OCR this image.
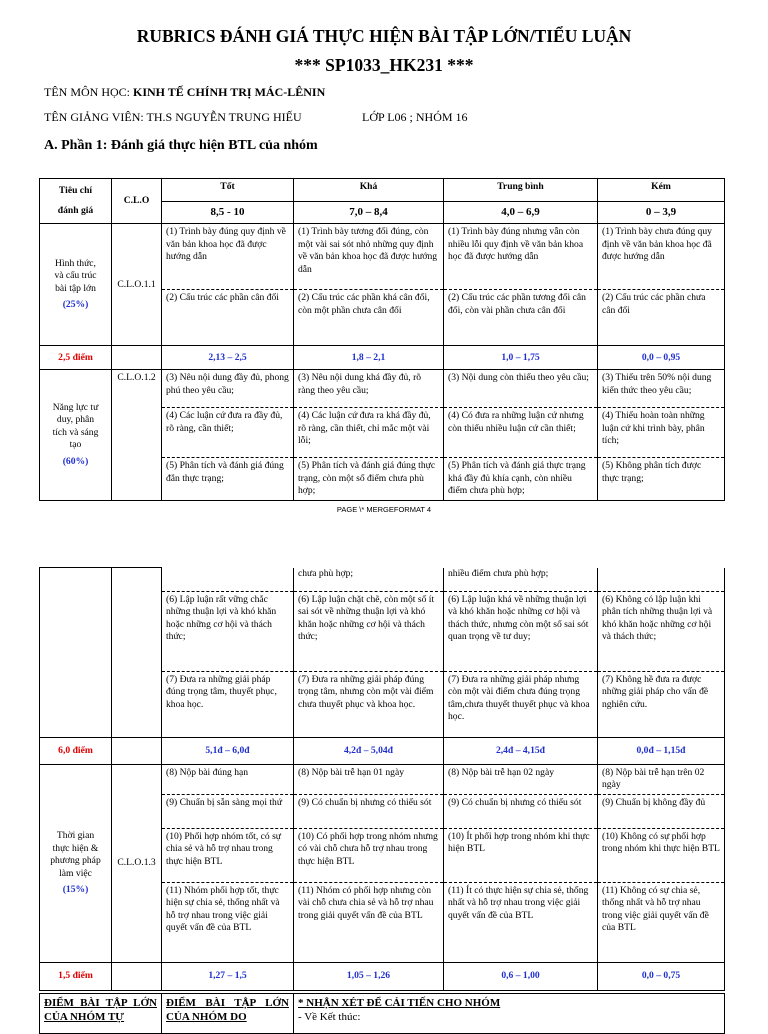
RUBRICS ĐÁNH GIÁ THỰC HIỆN BÀI TẬP LỚN/TIỂU LUẬN
*** SP1033_HK231 ***
TÊN MÔN HỌC: KINH TẾ CHÍNH TRỊ MÁC-LÊNIN
TÊN GIẢNG VIÊN: TH.S NGUYỄN TRUNG HIẾU	LỚP L06 ; NHÓM 16
A. Phần 1: Đánh giá thực hiện BTL của nhóm
Tiêu chí
đánh giá	C.L.O	Tốt	Khá	Trung bình	Kém
		8,5 - 10	7,0 – 8,4	4,0 – 6,9	0 – 3,9

Hình thức,
và cấu trúc
bài tập lớn
(25%)	C.L.O.1.1	(1) Trình bày đúng quy định về văn bản khoa học đã được hướng dẫn	(1) Trình bày tương đối đúng, còn một vài sai sót nhỏ những quy định về văn bản khoa học đã được hướng dẫn	(1) Trình bày đúng nhưng vẫn còn nhiều lỗi quy định về văn bản khoa học đã được hướng dẫn	(1) Trình bày chưa đúng quy định về văn bản khoa học đã được hướng dẫn
		(2) Cấu trúc các phần cân đối	(2) Cấu trúc các phần khá cân đối, còn một phần chưa cân đối	(2) Cấu trúc các phần tương đối cân đối, còn vài phần chưa cân đối	(2) Cấu trúc các phần chưa cân đối
2,5 điểm		2,13 – 2,5	1,8 – 2,1	1,0 – 1,75	0,0 – 0,95

Năng lực tư
duy, phân
tích và sáng
tạo
(60%)	C.L.O.1.2	(3) Nêu nội dung đầy đủ, phong phú theo yêu cầu;	(3) Nêu nội dung khá đầy đủ, rõ ràng theo yêu cầu;	(3) Nội dung còn thiếu theo yêu cầu;	(3) Thiếu trên 50% nội dung kiến thức theo yêu cầu;
		(4) Các luận cứ đưa ra đầy đủ, rõ ràng, cần thiết;	(4) Các luận cứ đưa ra khá đầy đủ, rõ ràng, cần thiết, chỉ mắc một vài lỗi;	(4) Có đưa ra những luận cứ nhưng còn thiếu nhiều luận cứ cần thiết;	(4) Thiếu hoàn toàn những luận cứ khi trình bày, phân tích;
		(5) Phân tích và đánh giá đúng đắn thực trạng;	(5) Phân tích và đánh giá đúng thực trạng, còn một số điểm chưa phù hợp;	(5) Phân tích và đánh giá thực trạng khá đầy đủ khía cạnh, còn nhiều điểm chưa phù hợp;	(5) Không phân tích được thực trạng;
PAGE \* MERGEFORMAT 4
			chưa phù hợp;	nhiều điểm chưa phù hợp;	
		(6) Lập luận rất vững chắc những thuận lợi và khó khăn hoặc những cơ hội và thách thức;	(6) Lập luận chặt chẽ, còn một số ít sai sót về những thuận lợi và khó khăn hoặc những cơ hội và thách thức;	(6) Lập luận khá về những thuận lợi và khó khăn hoặc những cơ hội và thách thức, nhưng còn một số sai sót quan trọng về tư duy;	(6) Không có lập luận khi phân tích những thuận lợi và khó khăn hoặc những cơ hội và thách thức;
		(7) Đưa ra những giải pháp đúng trọng tâm, thuyết phục, khoa học.	(7) Đưa ra những giải pháp đúng trọng tâm, nhưng còn một vài điểm chưa thuyết phục và khoa học.	(7) Đưa ra những giải pháp nhưng còn một vài điểm chưa đúng trọng tâm,chưa thuyết thuyết phục và khoa học.	(7) Không hề đưa ra được những giải pháp cho vấn đề nghiên cứu.
6,0 điểm		5,1đ – 6,0đ	4,2đ – 5,04đ	2,4đ – 4,15đ	0,0đ – 1,15đ

Thời gian
thực hiện &
phương pháp
làm việc
(15%)	C.L.O.1.3	(8) Nộp bài đúng hạn	(8) Nộp bài trễ hạn 01 ngày	(8) Nộp bài trễ hạn 02 ngày	(8) Nộp bài trễ hạn trên 02 ngày
		(9) Chuẩn bị sẵn sàng mọi thứ	(9) Có chuẩn bị nhưng có thiếu sót	(9) Có chuẩn bị nhưng có thiếu sót	(9) Chuẩn bị không đầy đủ
		(10) Phối hợp nhóm tốt, có sự chia sẻ và hỗ trợ nhau trong thực hiện BTL	(10) Có phối hợp trong nhóm nhưng có vài chỗ chưa hỗ trợ nhau trong thực hiện BTL	(10) Ít phối hợp trong nhóm khi thực hiện BTL	(10) Không có sự phối hợp trong nhóm khi thực hiện BTL
		(11) Nhóm phối hợp tốt, thực hiện sự chia sẻ, thống nhất và hỗ trợ nhau trong việc giải quyết vấn đề của BTL	(11) Nhóm có phối hợp nhưng còn vài chỗ chưa chia sẻ và hỗ trợ nhau trong giải quyết vấn đề của BTL	(11) Ít có thực hiện sự chia sẻ, thống nhất và hỗ trợ nhau trong việc giải quyết vấn đề của BTL	(11) Không có sự chia sẻ, thống nhất và hỗ trợ nhau trong việc giải quyết vấn đề của BTL
1,5 điểm		1,27 – 1,5	1,05 – 1,26	0,6 – 1,00	0,0 – 0,75
ĐIỂM BÀI TẬP LỚN CỦA NHÓM TỰ	ĐIỂM BÀI TẬP LỚN CỦA NHÓM DO	
* NHẬN XÉT ĐỂ CẢI TIẾN CHO NHÓM
- Về Kết thúc:
